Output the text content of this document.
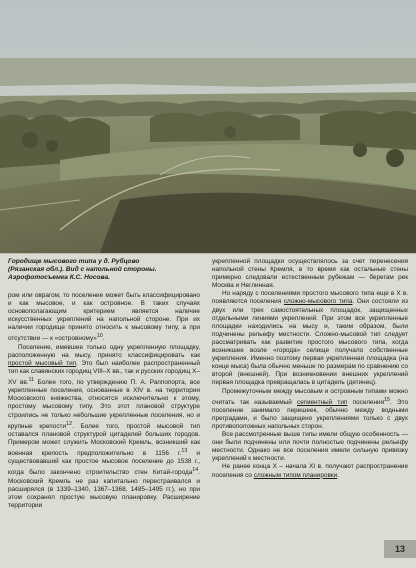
Городище мысового типа у д. Рубцово
(Рязанская обл.). Вид с напольной стороны.
Аэрофотосъемка К.С. Носова.

ром или оврагом, то поселение может быть классифицировано и как мысовое, и как островное. В таких случаях основополагающим критерием является наличие искусственных укреплений на напольной стороне. При их наличии городище принято относить к мысовому типу, а при отсутствии — к «островному»$^{10}$.

Поселение, имевшее только одну укрепленную площадку, расположенную на мысу, принято классифицировать как простой мысовый тип. Это был наиболее распространенный тип как славянских городищ VIII–X вв., так и русских городищ X–XV вв.$^{11}$ Более того, по утверждению П. А. Раппопорта, все укрепленные поселения, основанные в XIV в. на территории Московского княжества, относятся исключительно к этому, простому мысовому типу. Это этот плановой структуре строились не только небольшие укрепленные поселения, но и крупные крепости$^{12}$. Более того, простой мысовой тип оставался плановой структурой цитаделей больших городов. Примером может служить Московский Кремль, возникший как военная крепость предположительно в 1156 г.$^{13}$ и существовавший как простое мысовое поселение до 1538 г., когда было закончено строительство стен Китай-города$^{14}$. Московский Кремль не раз капитально перестраивался и расширялся (в 1339–1340, 1367–1368, 1485–1495 гг.), но при этом сохранял простую мысовую планировку. Расширение территории

укрепленной площадки осуществлялось за счет перенесения напольной стены Кремля, в то время как остальные стены примерно следовали естественным рубежам — берегам рек Москва и Неглинная.

Но наряду с поселениями простого мысового типа еще в X в. появляются поселения сложно-мысового типа. Они состояли из двух или трех самостоятельных площадок, защищенных отдельными линиями укреплений. При этом все укрепленные площадки находились на мысу и, таким образом, были подчинены рельефу местности. Сложно-мысовой тип следует рассматривать как развитие простого мысового типа, когда возникшее возле «города» селище получало собственные укрепления. Именно поэтому первая укрепленная площадка (на конце мыса) была обычно меньше по размерам по сравнению со второй (внешней). При возникновении внешних укреплений первая площадка превращалась в цитадель (детинец).

Промежуточным между мысовым и островным типами можно считать так называемый сегментный тип поселения$^{15}$. Это поселение занимало перешеек, обычно между водными преградами, и было защищено укреплениями только с двух противоположных напольных сторон.

Все рассмотренные выше типы имели общую особенность — они были подчинены или почти полностью подчинены рельефу местности. Однако не все поселения имели сильную привязку укреплений к местности.

Не ранее конца X – начала XI в. получают распространение поселения со сложным типом планировки.

13
